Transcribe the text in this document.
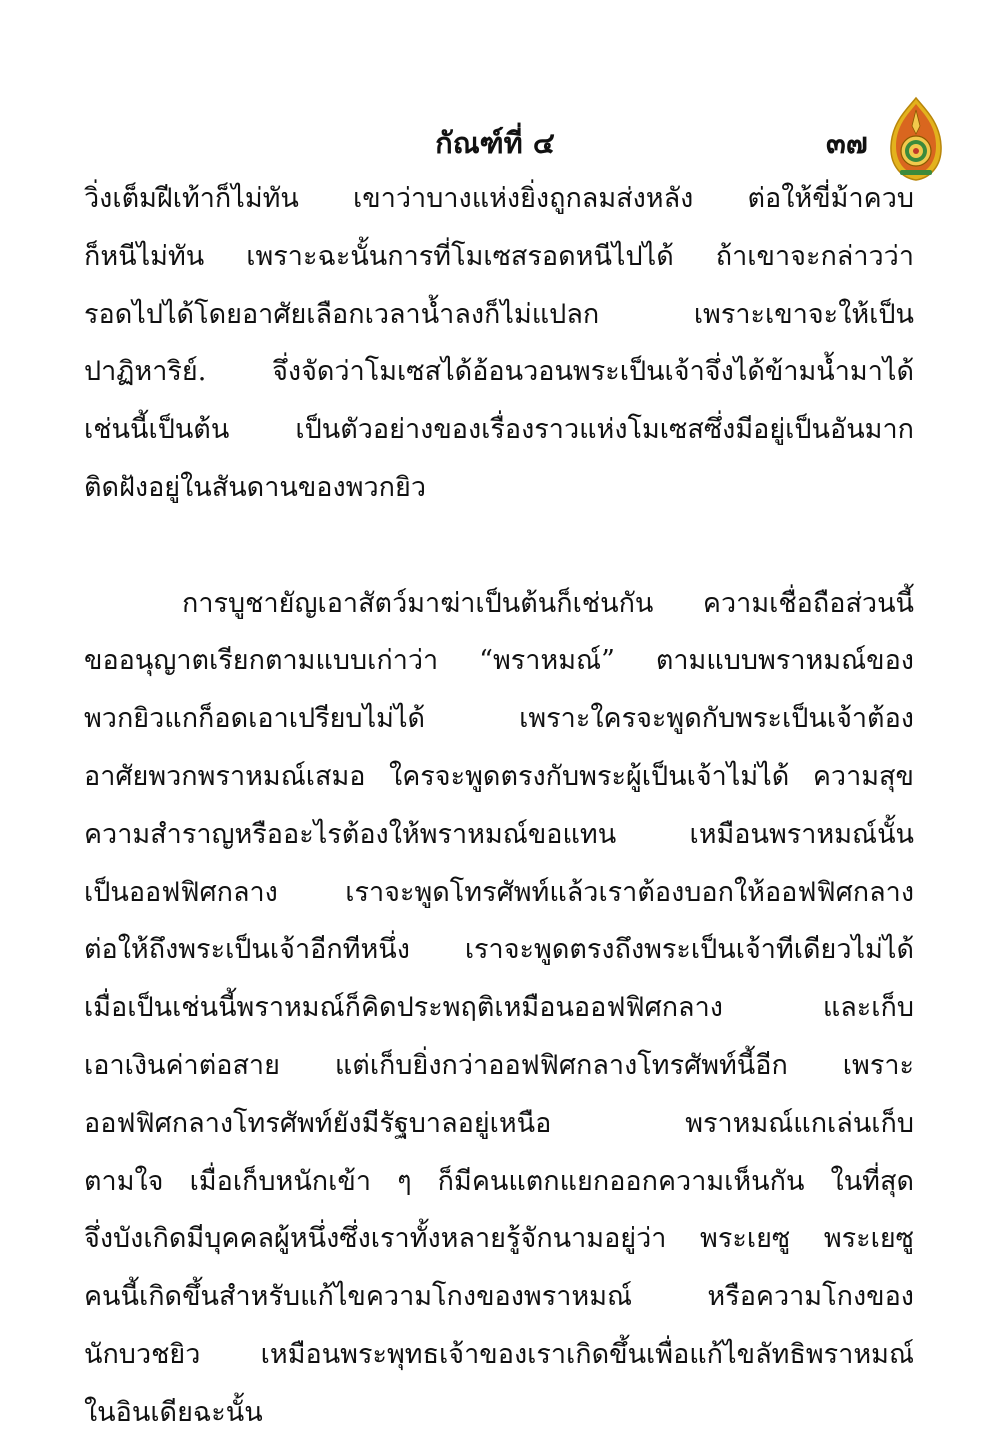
กัณฑ์ที่ ๔	๓๗
วิ่งเต็มฝีเท้าก็ไม่ทัน เขาว่าบางแห่งยิ่งถูกลมส่งหลัง ต่อให้ขี่ม้าควบ
ก็หนีไม่ทัน เพราะฉะนั้นการที่โมเซสรอดหนีไปได้ ถ้าเขาจะกล่าวว่า
รอดไปได้โดยอาศัยเลือกเวลาน้ำลงก็ไม่แปลก เพราะเขาจะให้เป็น
ปาฏิหาริย์. จึ่งจัดว่าโมเซสได้อ้อนวอนพระเป็นเจ้าจึ่งได้ข้ามน้ำมาได้
เช่นนี้เป็นต้น เป็นตัวอย่างของเรื่องราวแห่งโมเซสซึ่งมีอยู่เป็นอันมาก
ติดฝังอยู่ในสันดานของพวกยิว
การบูชายัญเอาสัตว์มาฆ่าเป็นต้นก็เช่นกัน ความเชื่อถือส่วนนี้
ขออนุญาตเรียกตามแบบเก่าว่า “พราหมณ์” ตามแบบพราหมณ์ของ
พวกยิวแกก็อดเอาเปรียบไม่ได้ เพราะใครจะพูดกับพระเป็นเจ้าต้อง
อาศัยพวกพราหมณ์เสมอ ใครจะพูดตรงกับพระผู้เป็นเจ้าไม่ได้ ความสุข
ความสำราญหรืออะไรต้องให้พราหมณ์ขอแทน เหมือนพราหมณ์นั้น
เป็นออฟฟิศกลาง เราจะพูดโทรศัพท์แล้วเราต้องบอกให้ออฟฟิศกลาง
ต่อให้ถึงพระเป็นเจ้าอีกทีหนึ่ง เราจะพูดตรงถึงพระเป็นเจ้าทีเดียวไม่ได้
เมื่อเป็นเช่นนี้พราหมณ์ก็คิดประพฤติเหมือนออฟฟิศกลาง และเก็บ
เอาเงินค่าต่อสาย แต่เก็บยิ่งกว่าออฟฟิศกลางโทรศัพท์นี้อีก เพราะ
ออฟฟิศกลางโทรศัพท์ยังมีรัฐบาลอยู่เหนือ พราหมณ์แกเล่นเก็บ
ตามใจ เมื่อเก็บหนักเข้า ๆ ก็มีคนแตกแยกออกความเห็นกัน ในที่สุด
จึ่งบังเกิดมีบุคคลผู้หนึ่งซึ่งเราทั้งหลายรู้จักนามอยู่ว่า พระเยซู พระเยซู
คนนี้เกิดขึ้นสำหรับแก้ไขความโกงของพราหมณ์ หรือความโกงของ
นักบวชยิว เหมือนพระพุทธเจ้าของเราเกิดขึ้นเพื่อแก้ไขลัทธิพราหมณ์
ในอินเดียฉะนั้น
